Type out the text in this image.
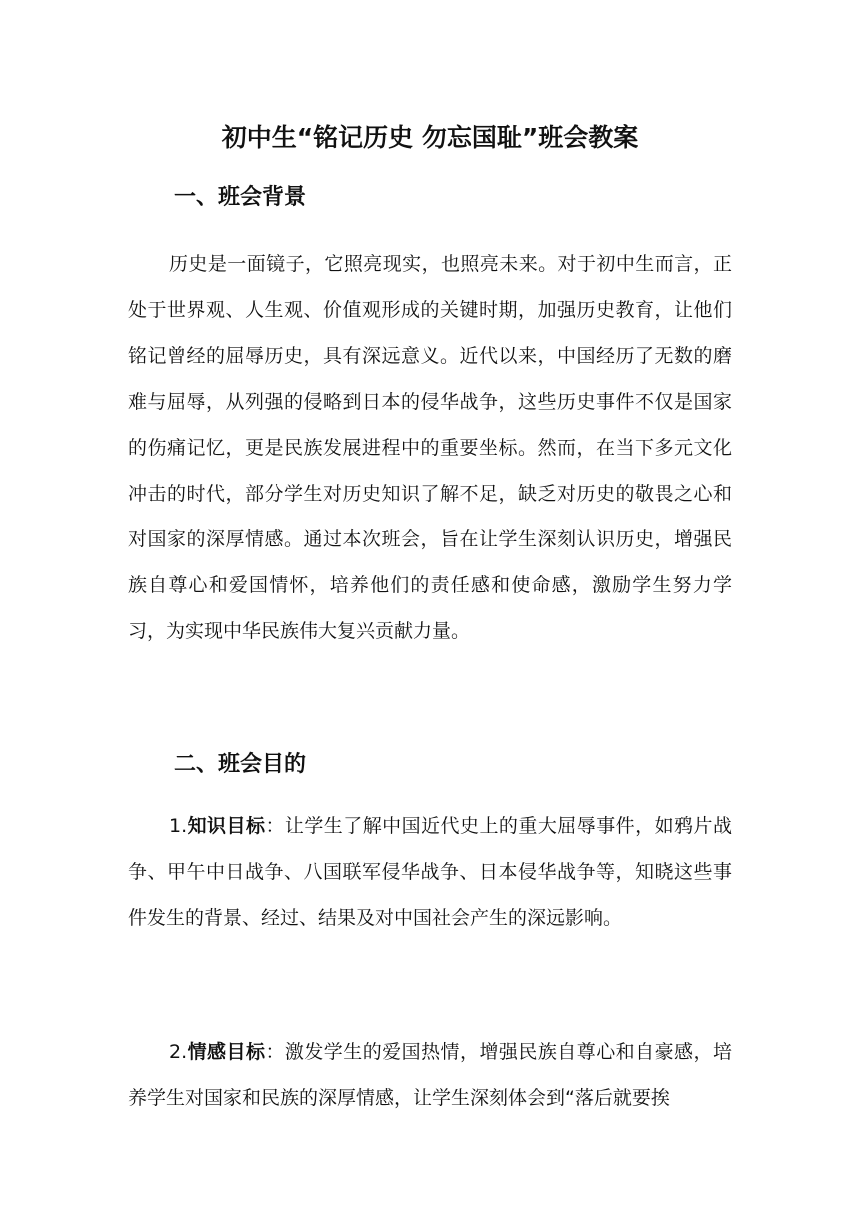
初中生“铭记历史 勿忘国耻”班会教案
一、班会背景

历史是一面镜子，它照亮现实，也照亮未来。对于初中生而言，正处于世界观、人生观、价值观形成的关键时期，加强历史教育，让他们铭记曾经的屈辱历史，具有深远意义。近代以来，中国经历了无数的磨难与屈辱，从列强的侵略到日本的侵华战争，这些历史事件不仅是国家的伤痛记忆，更是民族发展进程中的重要坐标。然而，在当下多元文化冲击的时代，部分学生对历史知识了解不足，缺乏对历史的敬畏之心和对国家的深厚情感。通过本次班会，旨在让学生深刻认识历史，增强民族自尊心和爱国情怀，培养他们的责任感和使命感，激励学生努力学习，为实现中华民族伟大复兴贡献力量。

二、班会目的

1.知识目标：让学生了解中国近代史上的重大屈辱事件，如鸦片战争、甲午中日战争、八国联军侵华战争、日本侵华战争等，知晓这些事件发生的背景、经过、结果及对中国社会产生的深远影响。

2.情感目标：激发学生的爱国热情，增强民族自尊心和自豪感，培养学生对国家和民族的深厚情感，让学生深刻体会到“落后就要挨
